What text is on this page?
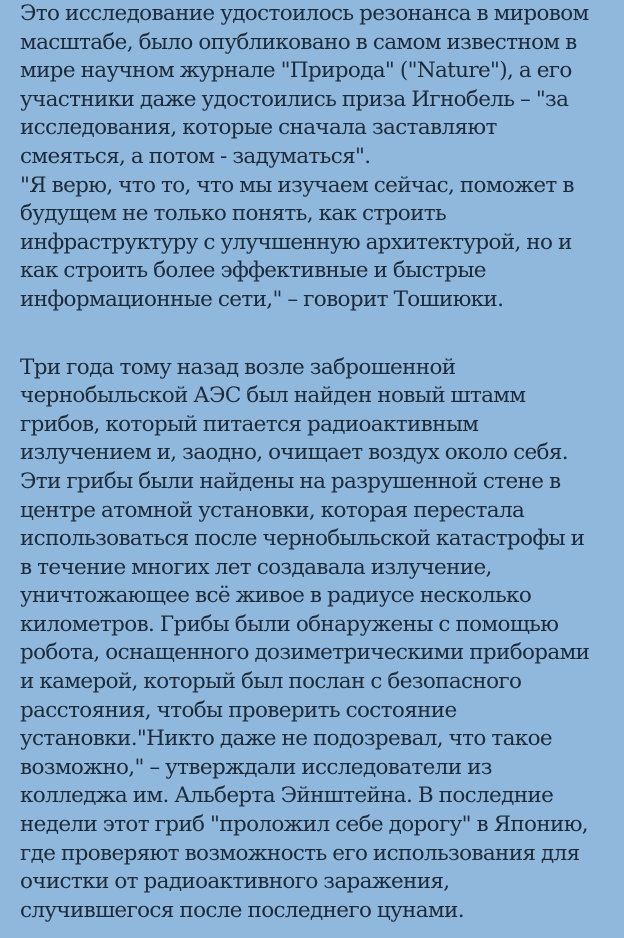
Это исследование удостоилось резонанса в мировом
масштабе, было опубликовано в самом известном в
мире научном журнале "Природа" ("Nature"), а его
участники даже удостоились приза Игнобель – "за
исследования, которые сначала заставляют
смеяться, а потом - задуматься".
"Я верю, что то, что мы изучаем сейчас, поможет в
будущем не только понять, как строить
инфраструктуру с улучшенную архитектурой, но и
как строить более эффективные и быстрые
информационные сети," – говорит Тошиюки.
Три года тому назад возле заброшенной
чернобыльской АЭС был найден новый штамм
грибов, который питается радиоактивным
излучением и, заодно, очищает воздух около себя.
Эти грибы были найдены на разрушенной стене в
центре атомной установки, которая перестала
использоваться после чернобыльской катастрофы и
в течение многих лет создавала излучение,
уничтожающее всё живое в радиусе несколько
километров. Грибы были обнаружены с помощью
робота, оснащенного дозиметрическими приборами
и камерой, который был послан с безопасного
расстояния, чтобы проверить состояние
установки."Никто даже не подозревал, что такое
возможно," – утверждали исследователи из
колледжа им. Альберта Эйнштейна. В последние
недели этот гриб "проложил себе дорогу" в Японию,
где проверяют возможность его использования для
очистки от радиоактивного заражения,
случившегося после последнего цунами.
